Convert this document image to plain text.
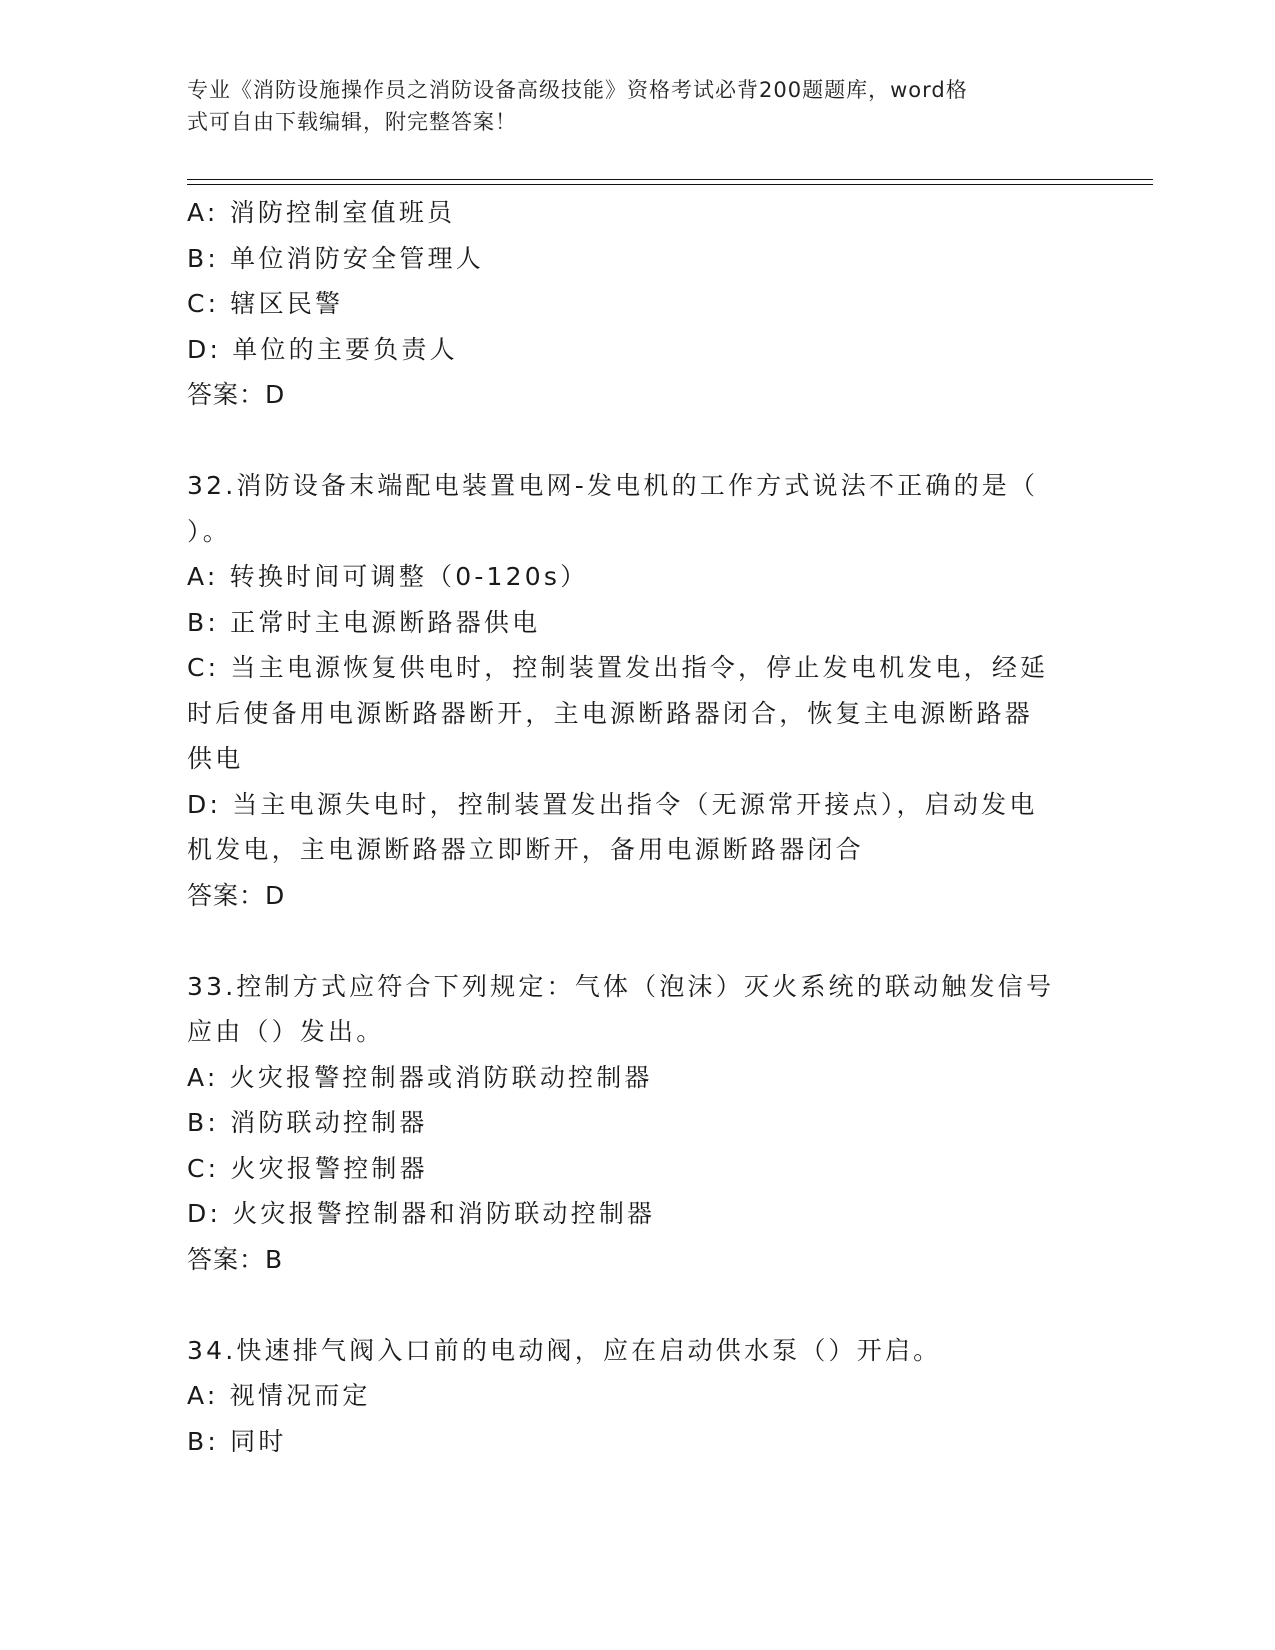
专业《消防设施操作员之消防设备高级技能》资格考试必背200题题库，word格
式可自由下载编辑，附完整答案！
A: 消防控制室值班员
B: 单位消防安全管理人
C: 辖区民警
D: 单位的主要负责人
答案：D
32.消防设备末端配电装置电网-发电机的工作方式说法不正确的是（
）。
A: 转换时间可调整（0-120s）
B: 正常时主电源断路器供电
C: 当主电源恢复供电时，控制装置发出指令，停止发电机发电，经延
时后使备用电源断路器断开，主电源断路器闭合，恢复主电源断路器
供电
D: 当主电源失电时，控制装置发出指令（无源常开接点），启动发电
机发电，主电源断路器立即断开，备用电源断路器闭合
答案：D
33.控制方式应符合下列规定：气体（泡沫）灭火系统的联动触发信号
应由（）发出。
A: 火灾报警控制器或消防联动控制器
B: 消防联动控制器
C: 火灾报警控制器
D: 火灾报警控制器和消防联动控制器
答案：B
34.快速排气阀入口前的电动阀，应在启动供水泵（）开启。
A: 视情况而定
B: 同时
